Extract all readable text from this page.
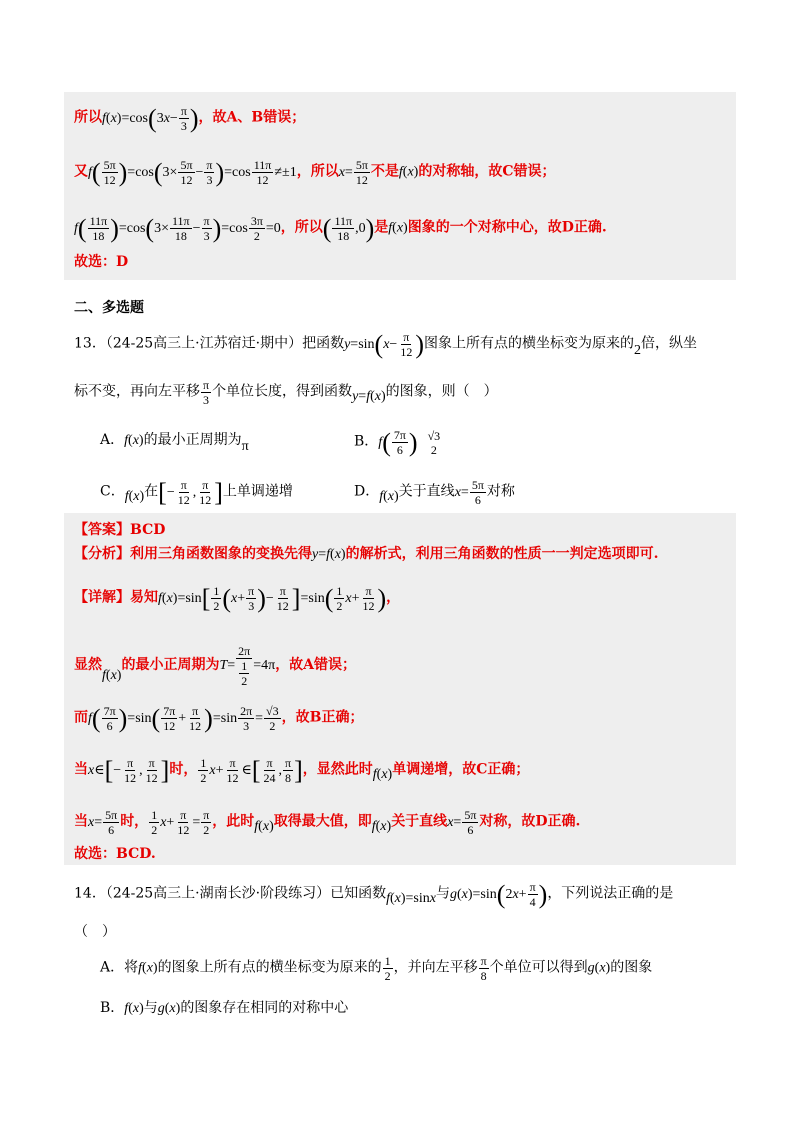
所以$f(x)=\cos(3x- \frac{\pi}{3}$ )，故A、B错误；
又$f( \frac{5\pi}{12} )=\cos(3\times \frac{5\pi}{12} - \frac{\pi}{3} )=\cos \frac{11\pi}{12} \ne\pm 1$，所以$x= \frac{5\pi}{12}$ 不是f(x)的对称轴，故C错误；
$f( \frac{11\pi}{18} )=\cos(3\times \frac{11\pi}{18} - \frac{\pi}{3} )=\cos \frac{3\pi}{2} =0$，所以( $\frac{11\pi}{18} ,0$)是f(x)图象的一个对称中心，故D正确.
故选：D
二、多选题
13．（24-25高三上·江苏宿迁·期中）把函数$y=\sin(x- \frac{\pi}{12}$ )图象上所有点的横坐标变为原来的2倍，纵坐
标不变，再向左平移 $\frac{\pi}{3}$ 个单位长度，得到函数y=f(x)的图象，则（　）
A．f(x)的最小正周期为π	B．$f( \frac{7\pi}{6}$ ) √3
2
C．f(x)在[− $\frac{\pi}{12}$ , $\frac{\pi}{12}$ ]上单调递增	D．f(x)关于直线$x= \frac{5\pi}{6}$ 对称
【答案】BCD
【分析】利用三角函数图象的变换先得y=f(x)的解析式，利用三角函数的性质一一判定选项即可.
【详解】易知$f(x)=\sin[ \frac{1}{2} (x+ \frac{\pi}{3}$ )− $\frac{\pi}{12} ]=\sin( \frac{1}{2} x+ \frac{\pi}{12}$ )，
显然f(x)的最小正周期为$T= \frac{2\pi}{\frac{1}{2}} =4\pi$，故A错误；
而$f( \frac{7\pi}{6} )=\sin( \frac{7\pi}{12} + \frac{\pi}{12} )=\sin \frac{2\pi}{3} = \frac{√3}{2}$ ，故B正确；
当x∈[− $\frac{\pi}{12}$ , $\frac{\pi}{12}$ ]时， $\frac{1}{2} x+ \frac{\pi}{12}$ ∈[ $\frac{\pi}{24}$ , $\frac{\pi}{8}$ ]，显然此时f(x)单调递增，故C正确；
当$x= \frac{5\pi}{6}$ 时， $\frac{1}{2} x+ \frac{\pi}{12} = \frac{\pi}{2}$ ，此时f(x)取得最大值，即f(x)关于直线$x= \frac{5\pi}{6}$ 对称，故D正确.
故选：BCD.
14．（24-25高三上·湖南长沙·阶段练习）已知函数f(x)=sinx与$g(x)=\sin(2x+ \frac{\pi}{4}$ )，下列说法正确的是
（　）
A．将f(x)的图象上所有点的横坐标变为原来的 $\frac{1}{2}$ ，并向左平移 $\frac{\pi}{8}$ 个单位可以得到g(x)的图象
B．f(x)与g(x)的图象存在相同的对称中心
